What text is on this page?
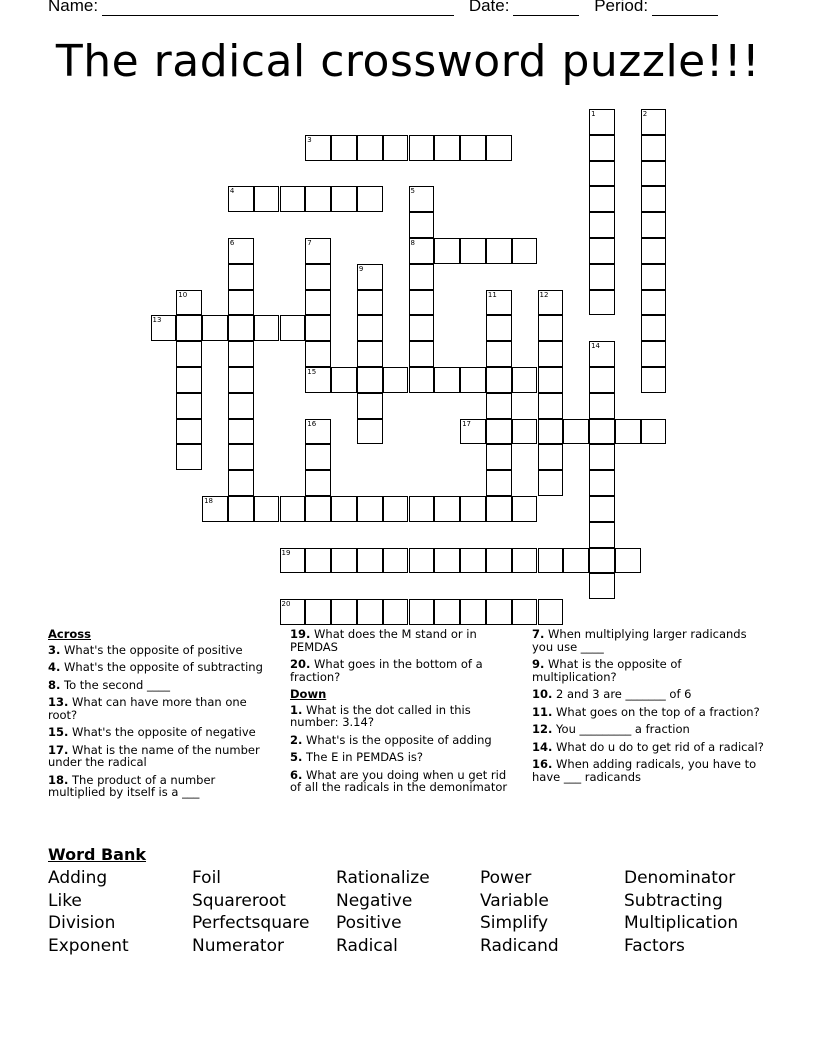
Name:	Date:	Period:
The radical crossword puzzle!!!
1	2
3
4	5
8
6	7
15
9
10	11	12
13
14
16	17
18
19
20
Across
3. What's the opposite of positive
4. What's the opposite of subtracting
8. To the second ____
13. What can have more than one root?
15. What's the opposite of negative
17. What is the name of the number under the radical
18. The product of a number multiplied by itself is a ___
19. What does the M stand or in PEMDAS
20. What goes in the bottom of a fraction?
Down
1. What is the dot called in this number: 3.14?
2. What's is the opposite of adding
5. The E in PEMDAS is?
6. What are you doing when u get rid of all the radicals in the demonimator
7. When multiplying larger radicands you use ____
9. What is the opposite of multiplication?
10. 2 and 3 are _______ of 6
11. What goes on the top of a fraction?
12. You _________ a fraction
14. What do u do to get rid of a radical?
16. When adding radicals, you have to have ___ radicands
Word Bank
Adding	Foil	Rationalize	Power	Denominator
Like	Squareroot	Negative	Variable	Subtracting
Division	Perfectsquare	Positive	Simplify	Multiplication
Exponent	Numerator	Radical	Radicand	Factors
